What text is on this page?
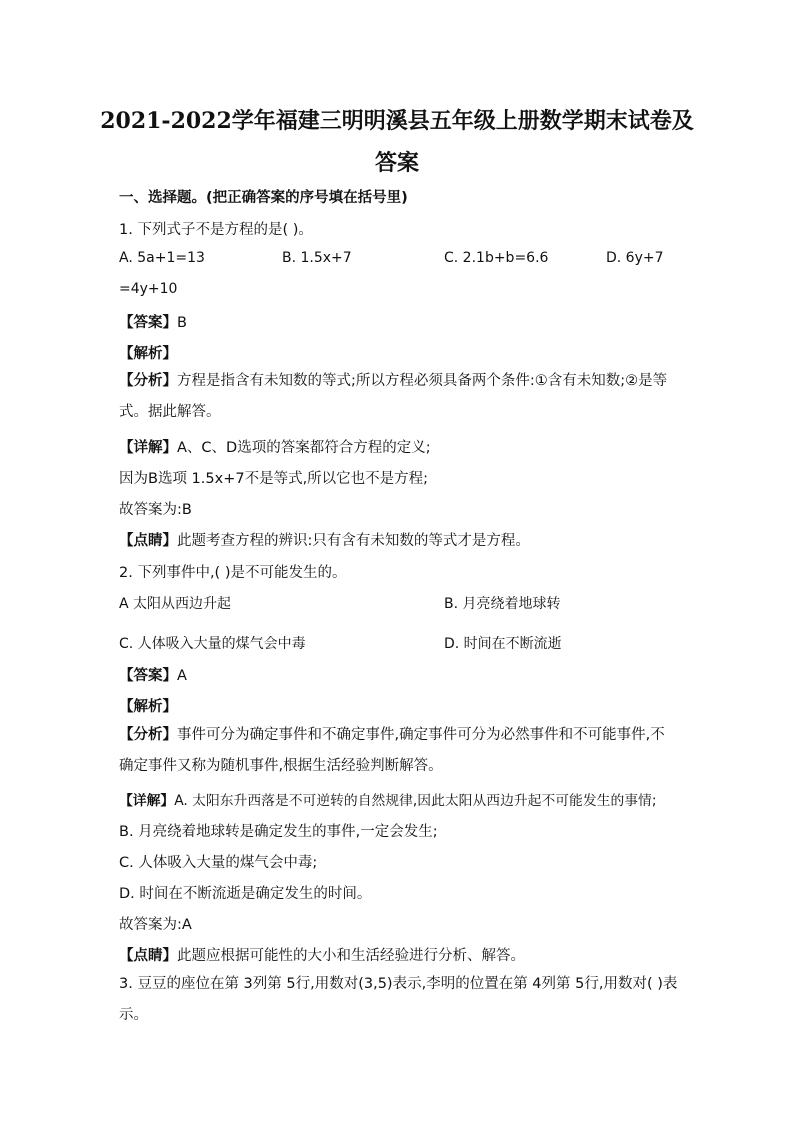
2021-2022学年福建三明明溪县五年级上册数学期末试卷及
答案
一、选择题。(把正确答案的序号填在括号里)
1. 下列式子不是方程的是( )。
A. 5a+1=13	B. 1.5x+7	C. 2.1b+b=6.6	D. 6y+7
=4y+10
【答案】B
【解析】
【分析】方程是指含有未知数的等式;所以方程必须具备两个条件:①含有未知数;②是等式。据此解答。
【详解】A、C、D选项的答案都符合方程的定义;
因为B选项 1.5x+7不是等式,所以它也不是方程;
故答案为:B
【点睛】此题考查方程的辨识:只有含有未知数的等式才是方程。
2. 下列事件中,( )是不可能发生的。
A 太阳从西边升起	B. 月亮绕着地球转
C. 人体吸入大量的煤气会中毒	D. 时间在不断流逝
【答案】A
【解析】
【分析】事件可分为确定事件和不确定事件,确定事件可分为必然事件和不可能事件,不确定事件又称为随机事件,根据生活经验判断解答。
【详解】A. 太阳东升西落是不可逆转的自然规律,因此太阳从西边升起不可能发生的事情;
B. 月亮绕着地球转是确定发生的事件,一定会发生;
C. 人体吸入大量的煤气会中毒;
D. 时间在不断流逝是确定发生的时间。
故答案为:A
【点睛】此题应根据可能性的大小和生活经验进行分析、解答。
3. 豆豆的座位在第 3列第 5行,用数对(3,5)表示,李明的位置在第 4列第 5行,用数对( )表示。
